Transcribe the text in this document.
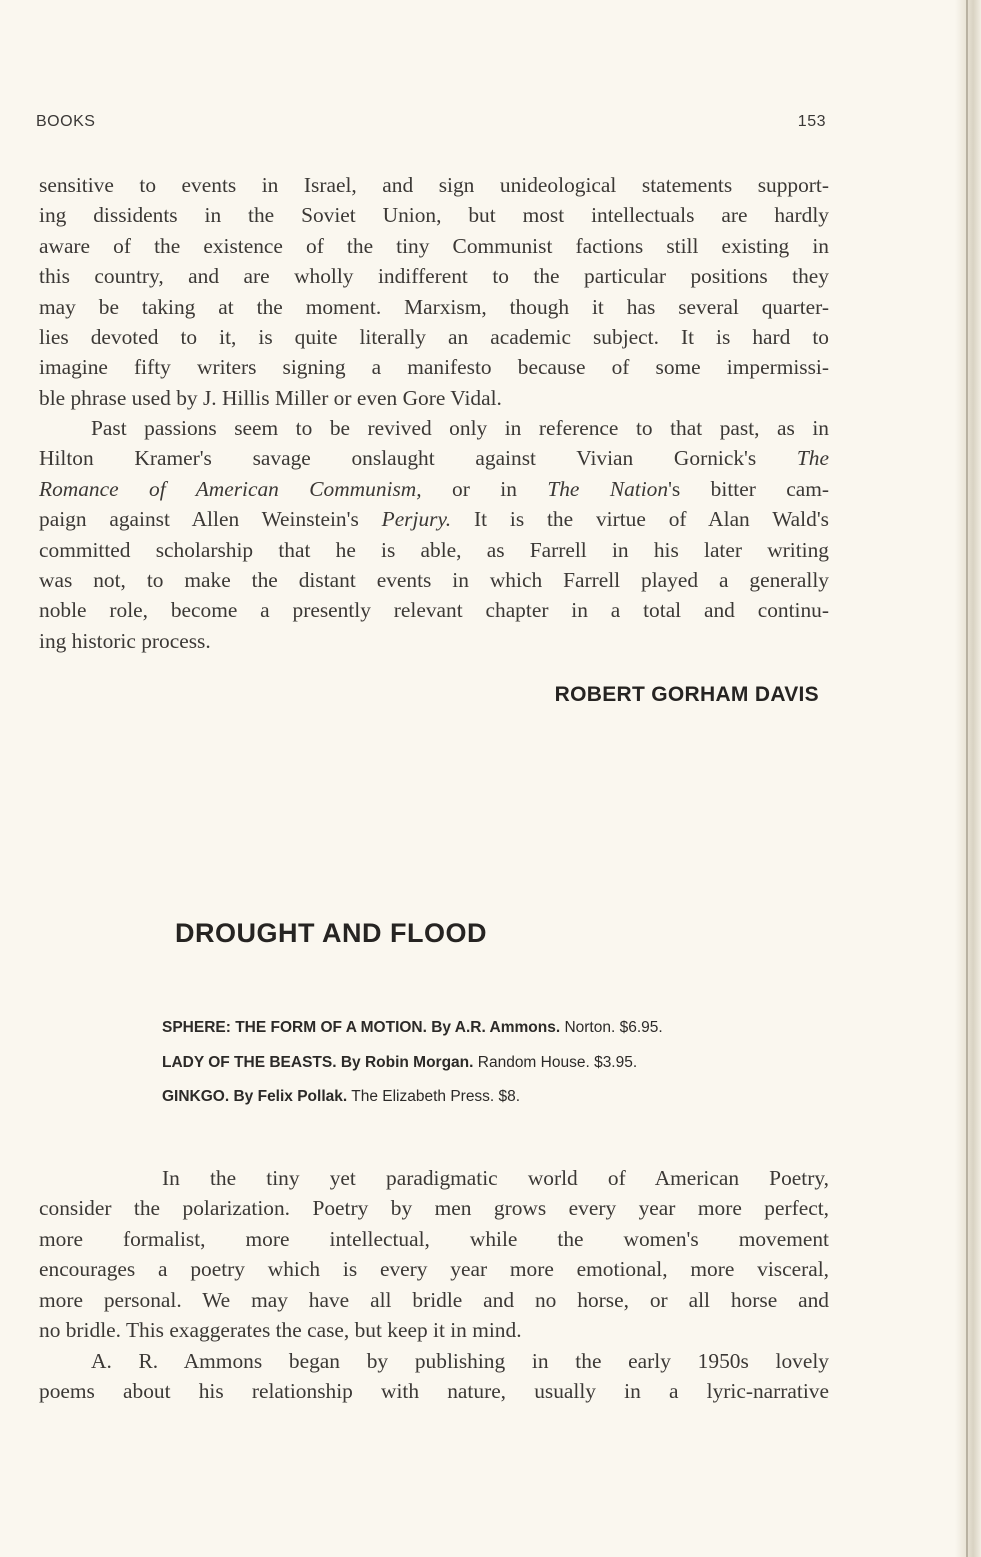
BOOKS	153

sensitive to events in Israel, and sign unideological statements support-
ing dissidents in the Soviet Union, but most intellectuals are hardly
aware of the existence of the tiny Communist factions still existing in
this country, and are wholly indifferent to the particular positions they
may be taking at the moment. Marxism, though it has several quarter-
lies devoted to it, is quite literally an academic subject. It is hard to
imagine fifty writers signing a manifesto because of some impermissi-
ble phrase used by J. Hillis Miller or even Gore Vidal.

Past passions seem to be revived only in reference to that past, as in
Hilton Kramer's savage onslaught against Vivian Gornick's The
Romance of American Communism, or in The Nation's bitter cam-
paign against Allen Weinstein's Perjury. It is the virtue of Alan Wald's
committed scholarship that he is able, as Farrell in his later writing
was not, to make the distant events in which Farrell played a generally
noble role, become a presently relevant chapter in a total and continu-
ing historic process.

ROBERT GORHAM DAVIS
DROUGHT AND FLOOD
SPHERE: THE FORM OF A MOTION. By A.R. Ammons. Norton. $6.95.
LADY OF THE BEASTS. By Robin Morgan. Random House. $3.95.
GINKGO. By Felix Pollak. The Elizabeth Press. $8.

In the tiny yet paradigmatic world of American Poetry,
consider the polarization. Poetry by men grows every year more perfect,
more formalist, more intellectual, while the women's movement
encourages a poetry which is every year more emotional, more visceral,
more personal. We may have all bridle and no horse, or all horse and
no bridle. This exaggerates the case, but keep it in mind.

A. R. Ammons began by publishing in the early 1950s lovely
poems about his relationship with nature, usually in a lyric-narrative
